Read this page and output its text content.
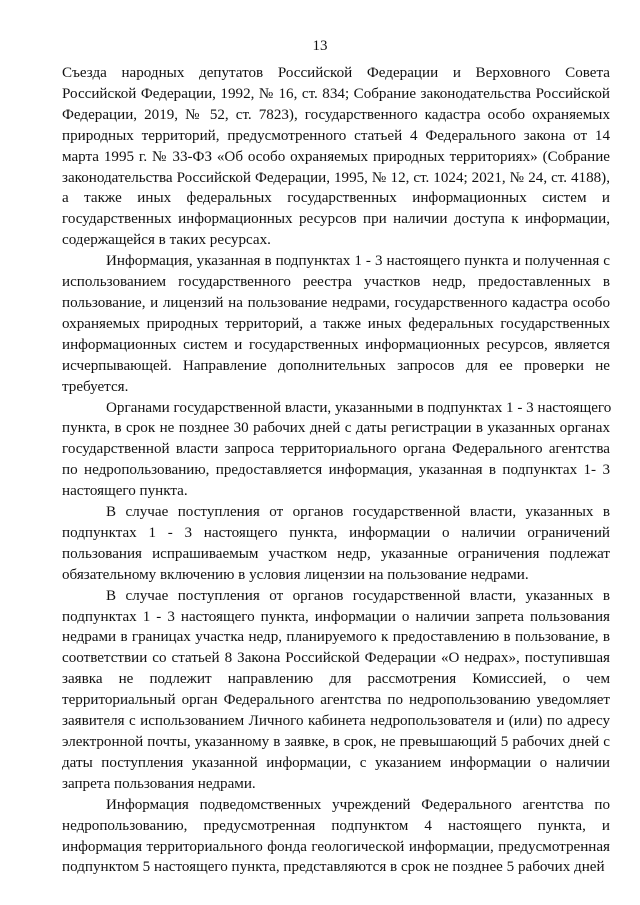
13

Съезда народных депутатов Российской Федерации и Верховного Совета
Российской Федерации, 1992, № 16, ст. 834; Собрание законодательства Российской
Федерации, 2019, № 52, ст. 7823), государственного кадастра особо охраняемых
природных территорий, предусмотренного статьей 4 Федерального закона от 14
марта 1995 г. № 33-ФЗ «Об особо охраняемых природных территориях» (Собрание
законодательства Российской Федерации, 1995, № 12, ст. 1024; 2021, № 24, ст. 4188),
а также иных федеральных государственных информационных систем и
государственных информационных ресурсов при наличии доступа к информации,
содержащейся в таких ресурсах.

Информация, указанная в подпунктах 1 - 3 настоящего пункта и полученная с
использованием государственного реестра участков недр, предоставленных в
пользование, и лицензий на пользование недрами, государственного кадастра особо
охраняемых природных территорий, а также иных федеральных государственных
информационных систем и государственных информационных ресурсов, является
исчерпывающей. Направление дополнительных запросов для ее проверки не
требуется.

Органами государственной власти, указанными в подпунктах 1 - 3 настоящего
пункта, в срок не позднее 30 рабочих дней с даты регистрации в указанных органах
государственной власти запроса территориального органа Федерального агентства
по недропользованию, предоставляется информация, указанная в подпунктах 1- 3
настоящего пункта.

В случае поступления от органов государственной власти, указанных в
подпунктах 1 - 3 настоящего пункта, информации о наличии ограничений
пользования испрашиваемым участком недр, указанные ограничения подлежат
обязательному включению в условия лицензии на пользование недрами.

В случае поступления от органов государственной власти, указанных в
подпунктах 1 - 3 настоящего пункта, информации о наличии запрета пользования
недрами в границах участка недр, планируемого к предоставлению в пользование, в
соответствии со статьей 8 Закона Российской Федерации «О недрах», поступившая
заявка не подлежит направлению для рассмотрения Комиссией, о чем
территориальный орган Федерального агентства по недропользованию уведомляет
заявителя с использованием Личного кабинета недропользователя и (или) по адресу
электронной почты, указанному в заявке, в срок, не превышающий 5 рабочих дней с
даты поступления указанной информации, с указанием информации о наличии
запрета пользования недрами.

Информация подведомственных учреждений Федерального агентства по
недропользованию, предусмотренная подпунктом 4 настоящего пункта, и
информация территориального фонда геологической информации, предусмотренная
подпунктом 5 настоящего пункта, представляются в срок не позднее 5 рабочих дней
